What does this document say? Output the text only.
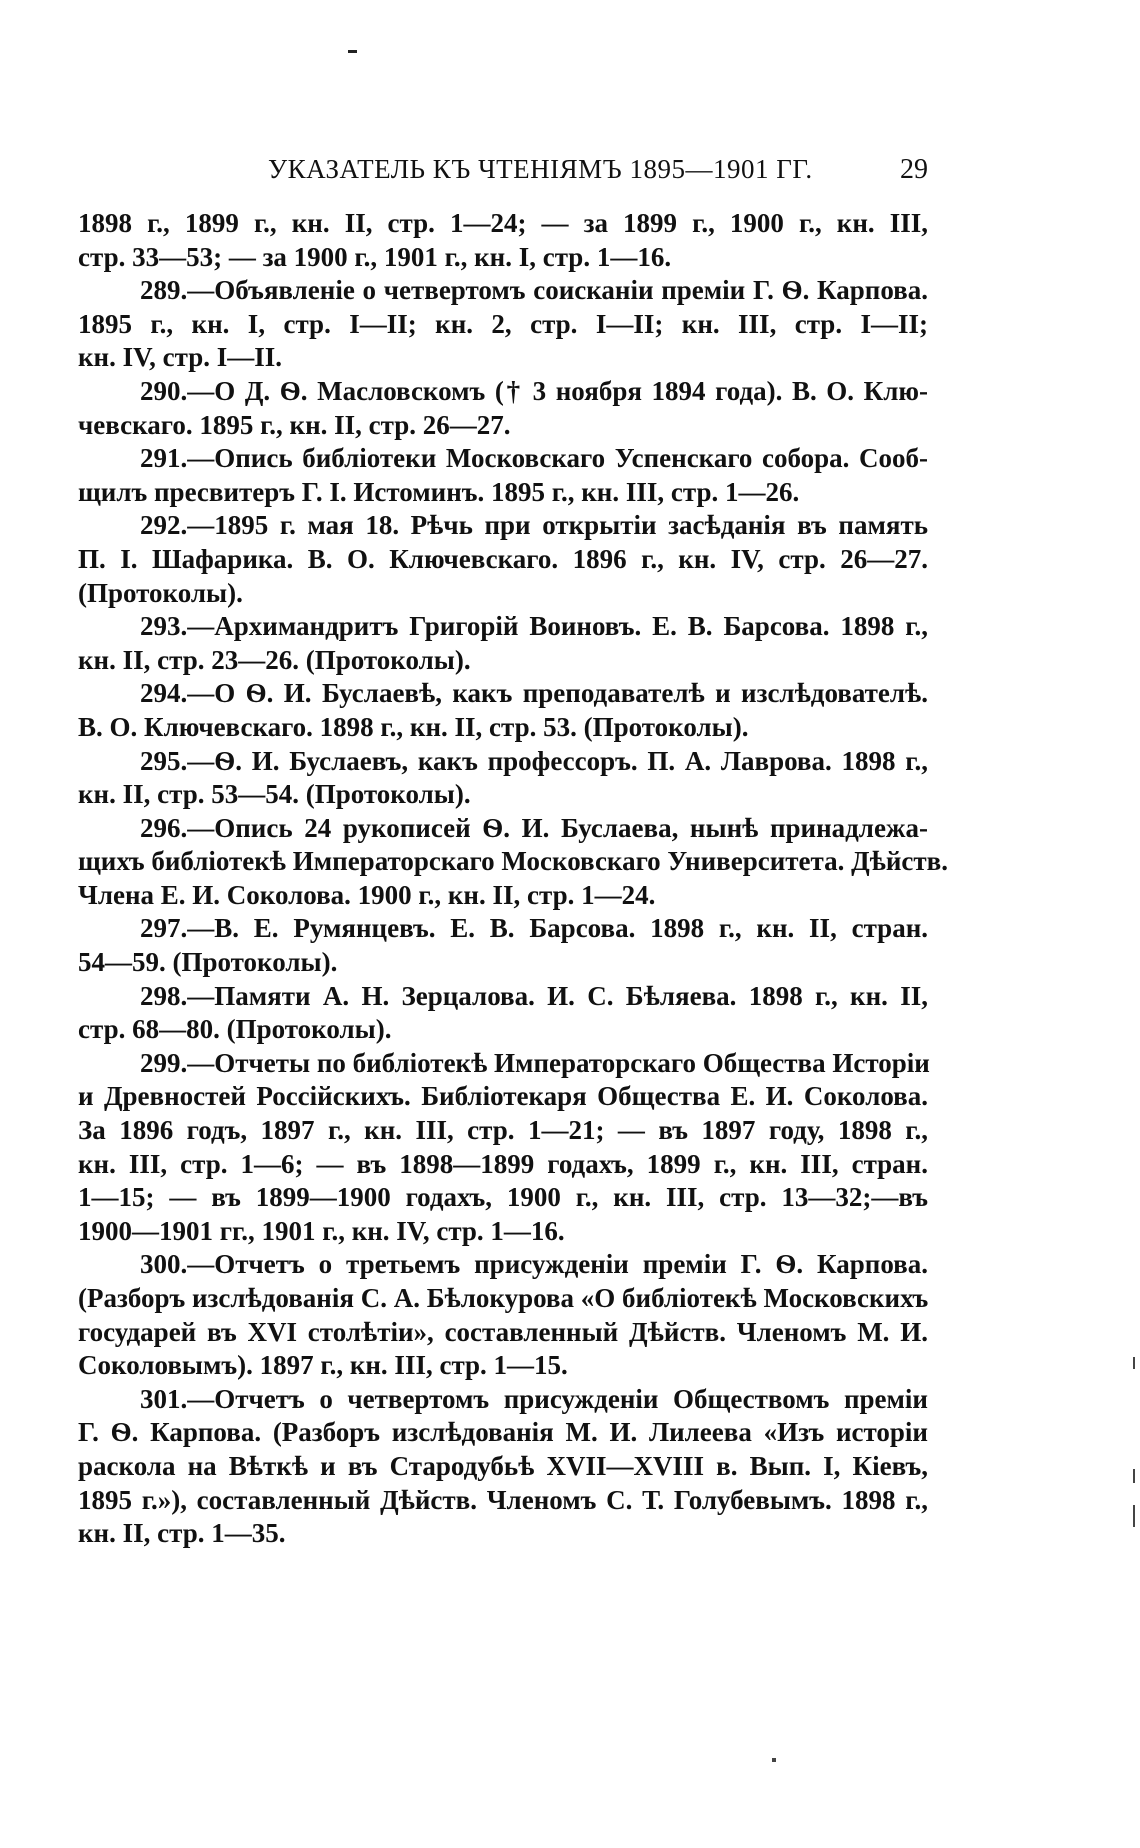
УКАЗАТЕЛЬ КЪ ЧТЕНІЯМЪ 1895—1901 ГГ.	29
1898 г., 1899 г., кн. II, стр. 1—24; — за 1899 г., 1900 г., кн. III,
стр. 33—53; — за 1900 г., 1901 г., кн. I, стр. 1—16.
289.—Объявленіе о четвертомъ соисканіи преміи Г. Ѳ. Карпова.
1895 г., кн. I, стр. I—II; кн. 2, стр. I—II; кн. III, стр. I—II;
кн. IV, стр. I—II.
290.—О Д. Ѳ. Масловскомъ († 3 ноября 1894 года). В. О. Клю-
чевскаго. 1895 г., кн. II, стр. 26—27.
291.—Опись библіотеки Московскаго Успенскаго собора. Сооб-
щилъ пресвитеръ Г. I. Истоминъ. 1895 г., кн. III, стр. 1—26.
292.—1895 г. мая 18. Рѣчь при открытіи засѣданія въ память
П. I. Шафарика. В. О. Ключевскаго. 1896 г., кн. IV, стр. 26—27.
(Протоколы).
293.—Архимандритъ Григорій Воиновъ. Е. В. Барсова. 1898 г.,
кн. II, стр. 23—26. (Протоколы).
294.—О Ѳ. И. Буслаевѣ, какъ преподавателѣ и изслѣдователѣ.
В. О. Ключевскаго. 1898 г., кн. II, стр. 53. (Протоколы).
295.—Ѳ. И. Буслаевъ, какъ профессоръ. П. А. Лаврова. 1898 г.,
кн. II, стр. 53—54. (Протоколы).
296.—Опись 24 рукописей Ѳ. И. Буслаева, нынѣ принадлежа-
щихъ библіотекѣ Императорскаго Московскаго Университета. Дѣйств.
Члена Е. И. Соколова. 1900 г., кн. II, стр. 1—24.
297.—В. Е. Румянцевъ. Е. В. Барсова. 1898 г., кн. II, стран.
54—59. (Протоколы).
298.—Памяти А. Н. Зерцалова. И. С. Бѣляева. 1898 г., кн. II,
стр. 68—80. (Протоколы).
299.—Отчеты по библіотекѣ Императорскаго Общества Исторіи
и Древностей Россійскихъ. Библіотекаря Общества Е. И. Соколова.
За 1896 годъ, 1897 г., кн. III, стр. 1—21; — въ 1897 году, 1898 г.,
кн. III, стр. 1—6; — въ 1898—1899 годахъ, 1899 г., кн. III, стран.
1—15; — въ 1899—1900 годахъ, 1900 г., кн. III, стр. 13—32;—въ
1900—1901 гг., 1901 г., кн. IV, стр. 1—16.
300.—Отчетъ о третьемъ присужденіи преміи Г. Ѳ. Карпова.
(Разборъ изслѣдованія С. А. Бѣлокурова «О библіотекѣ Московскихъ
государей въ XVI столѣтіи», составленный Дѣйств. Членомъ М. И.
Соколовымъ). 1897 г., кн. III, стр. 1—15.
301.—Отчетъ о четвертомъ присужденіи Обществомъ преміи
Г. Ѳ. Карпова. (Разборъ изслѣдованія М. И. Лилеева «Изъ исторіи
раскола на Вѣткѣ и въ Стародубьѣ XVII—XVIII в. Вып. I, Кіевъ,
1895 г.»), составленный Дѣйств. Членомъ С. Т. Голубевымъ. 1898 г.,
кн. II, стр. 1—35.
